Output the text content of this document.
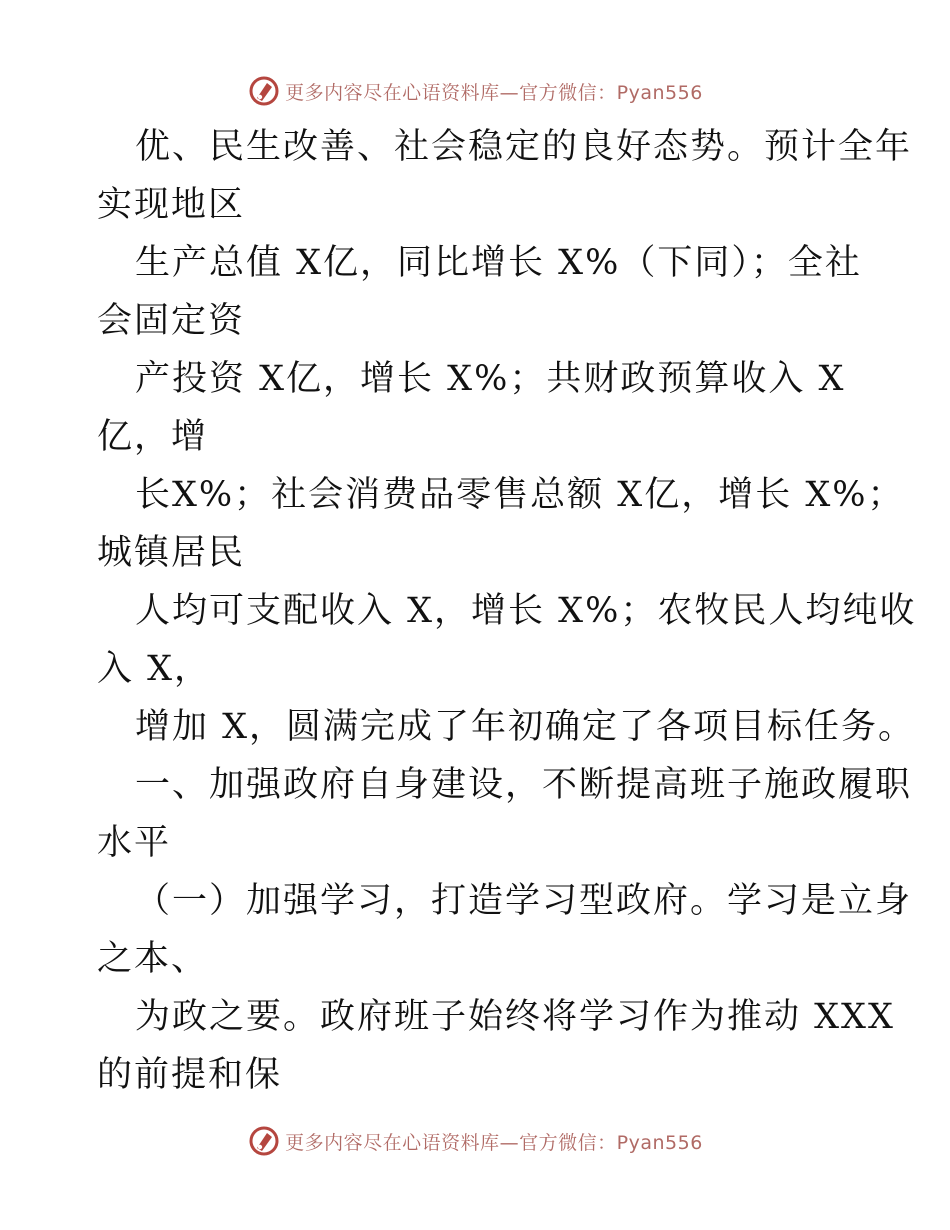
更多内容尽在心语资料库—官方微信：Pyan556
优、民生改善、社会稳定的良好态势。预计全年
实现地区
生产总值 X亿，同比增长 X%（下同）；全社
会固定资
产投资 X亿，增长 X%；共财政预算收入 X
亿，增
长X%；社会消费品零售总额 X亿，增长 X%；
城镇居民
人均可支配收入 X，增长 X%；农牧民人均纯收
入 X，
增加 X，圆满完成了年初确定了各项目标任务。
一、加强政府自身建设，不断提高班子施政履职
水平
（一）加强学习，打造学习型政府。学习是立身
之本、
为政之要。政府班子始终将学习作为推动 XXX
的前提和保
更多内容尽在心语资料库—官方微信：Pyan556
